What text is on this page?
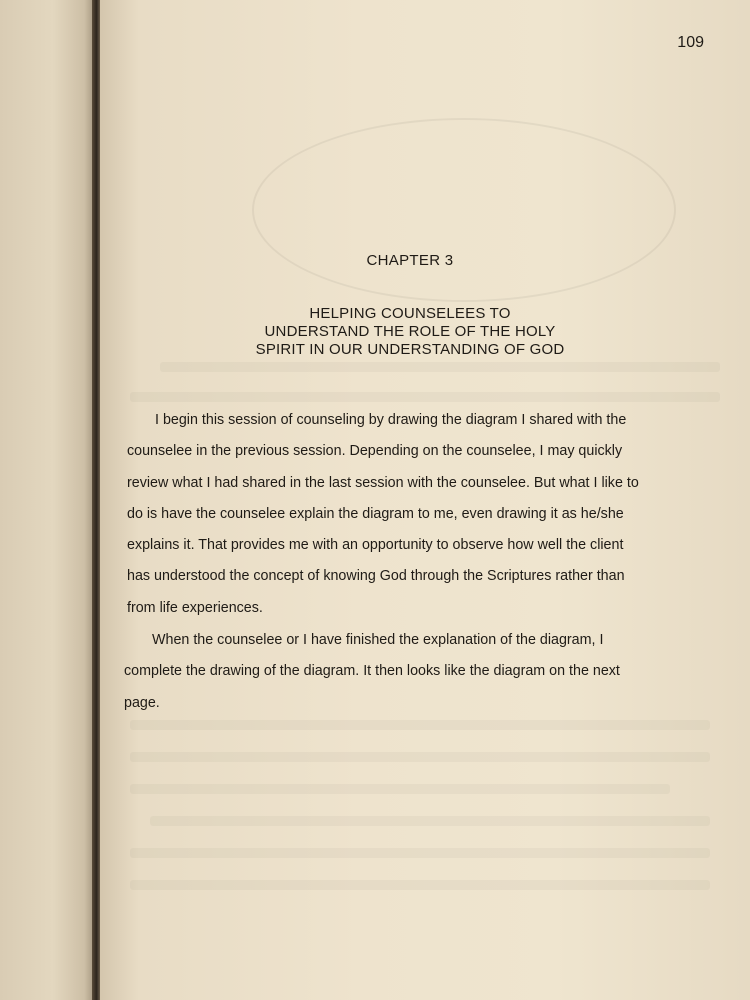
109
CHAPTER 3
HELPING COUNSELEES TO
UNDERSTAND THE ROLE OF THE HOLY
SPIRIT IN OUR UNDERSTANDING OF GOD
I begin this session of counseling by drawing the diagram I shared with the
counselee in the previous session. Depending on the counselee, I may quickly
review what I had shared in the last session with the counselee. But what I like to
do is have the counselee explain the diagram to me, even drawing it as he/she
explains it. That provides me with an opportunity to observe how well the client
has understood the concept of knowing God through the Scriptures rather than
from life experiences.
When the counselee or I have finished the explanation of the diagram, I
complete the drawing of the diagram. It then looks like the diagram on the next
page.
